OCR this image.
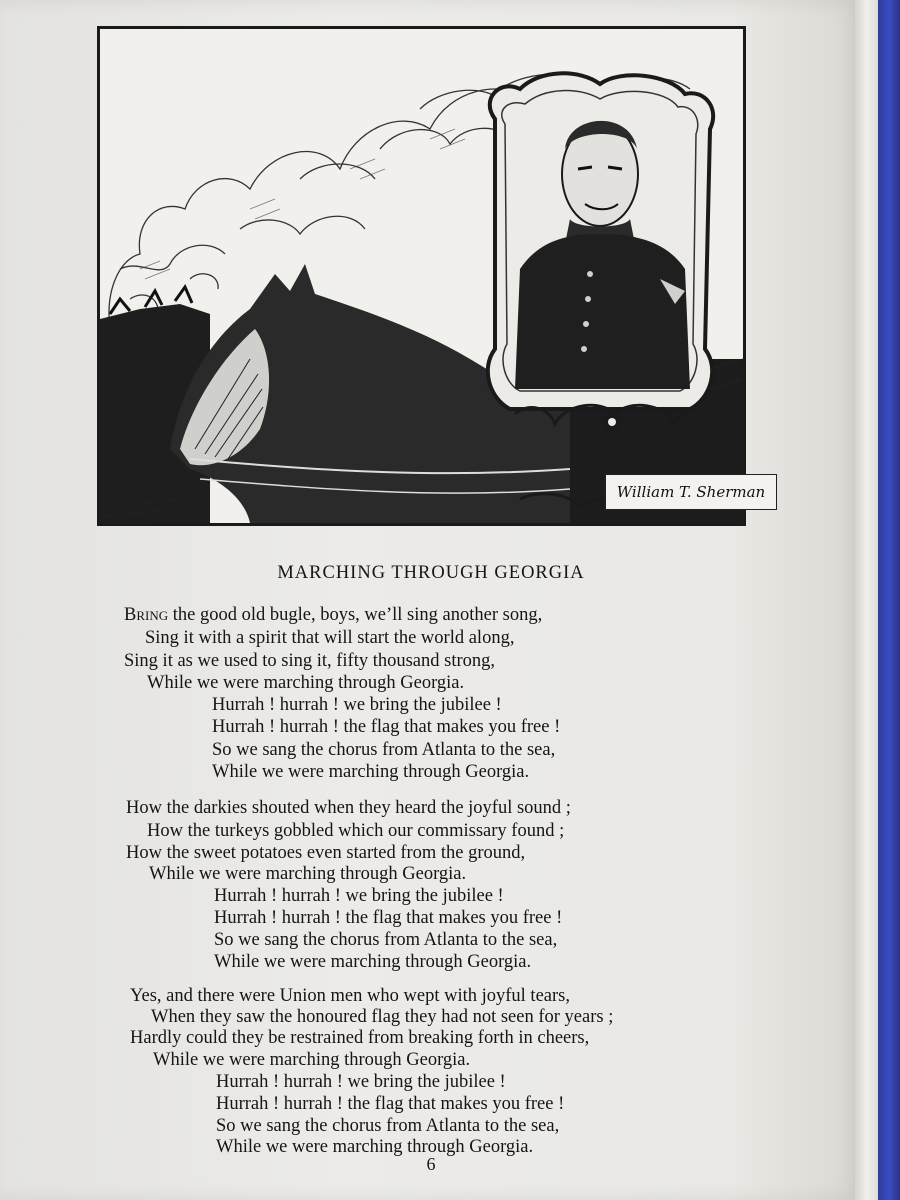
William T. Sherman
MARCHING THROUGH GEORGIA
Bring the good old bugle, boys, we’ll sing another song,
Sing it with a spirit that will start the world along,
Sing it as we used to sing it, fifty thousand strong,
While we were marching through Georgia.
Hurrah ! hurrah ! we bring the jubilee !
Hurrah ! hurrah ! the flag that makes you free !
So we sang the chorus from Atlanta to the sea,
While we were marching through Georgia.
How the darkies shouted when they heard the joyful sound ;
How the turkeys gobbled which our commissary found ;
How the sweet potatoes even started from the ground,
While we were marching through Georgia.
Hurrah ! hurrah ! we bring the jubilee !
Hurrah ! hurrah ! the flag that makes you free !
So we sang the chorus from Atlanta to the sea,
While we were marching through Georgia.
Yes, and there were Union men who wept with joyful tears,
When they saw the honoured flag they had not seen for years ;
Hardly could they be restrained from breaking forth in cheers,
While we were marching through Georgia.
Hurrah ! hurrah ! we bring the jubilee !
Hurrah ! hurrah ! the flag that makes you free !
So we sang the chorus from Atlanta to the sea,
While we were marching through Georgia.
6
